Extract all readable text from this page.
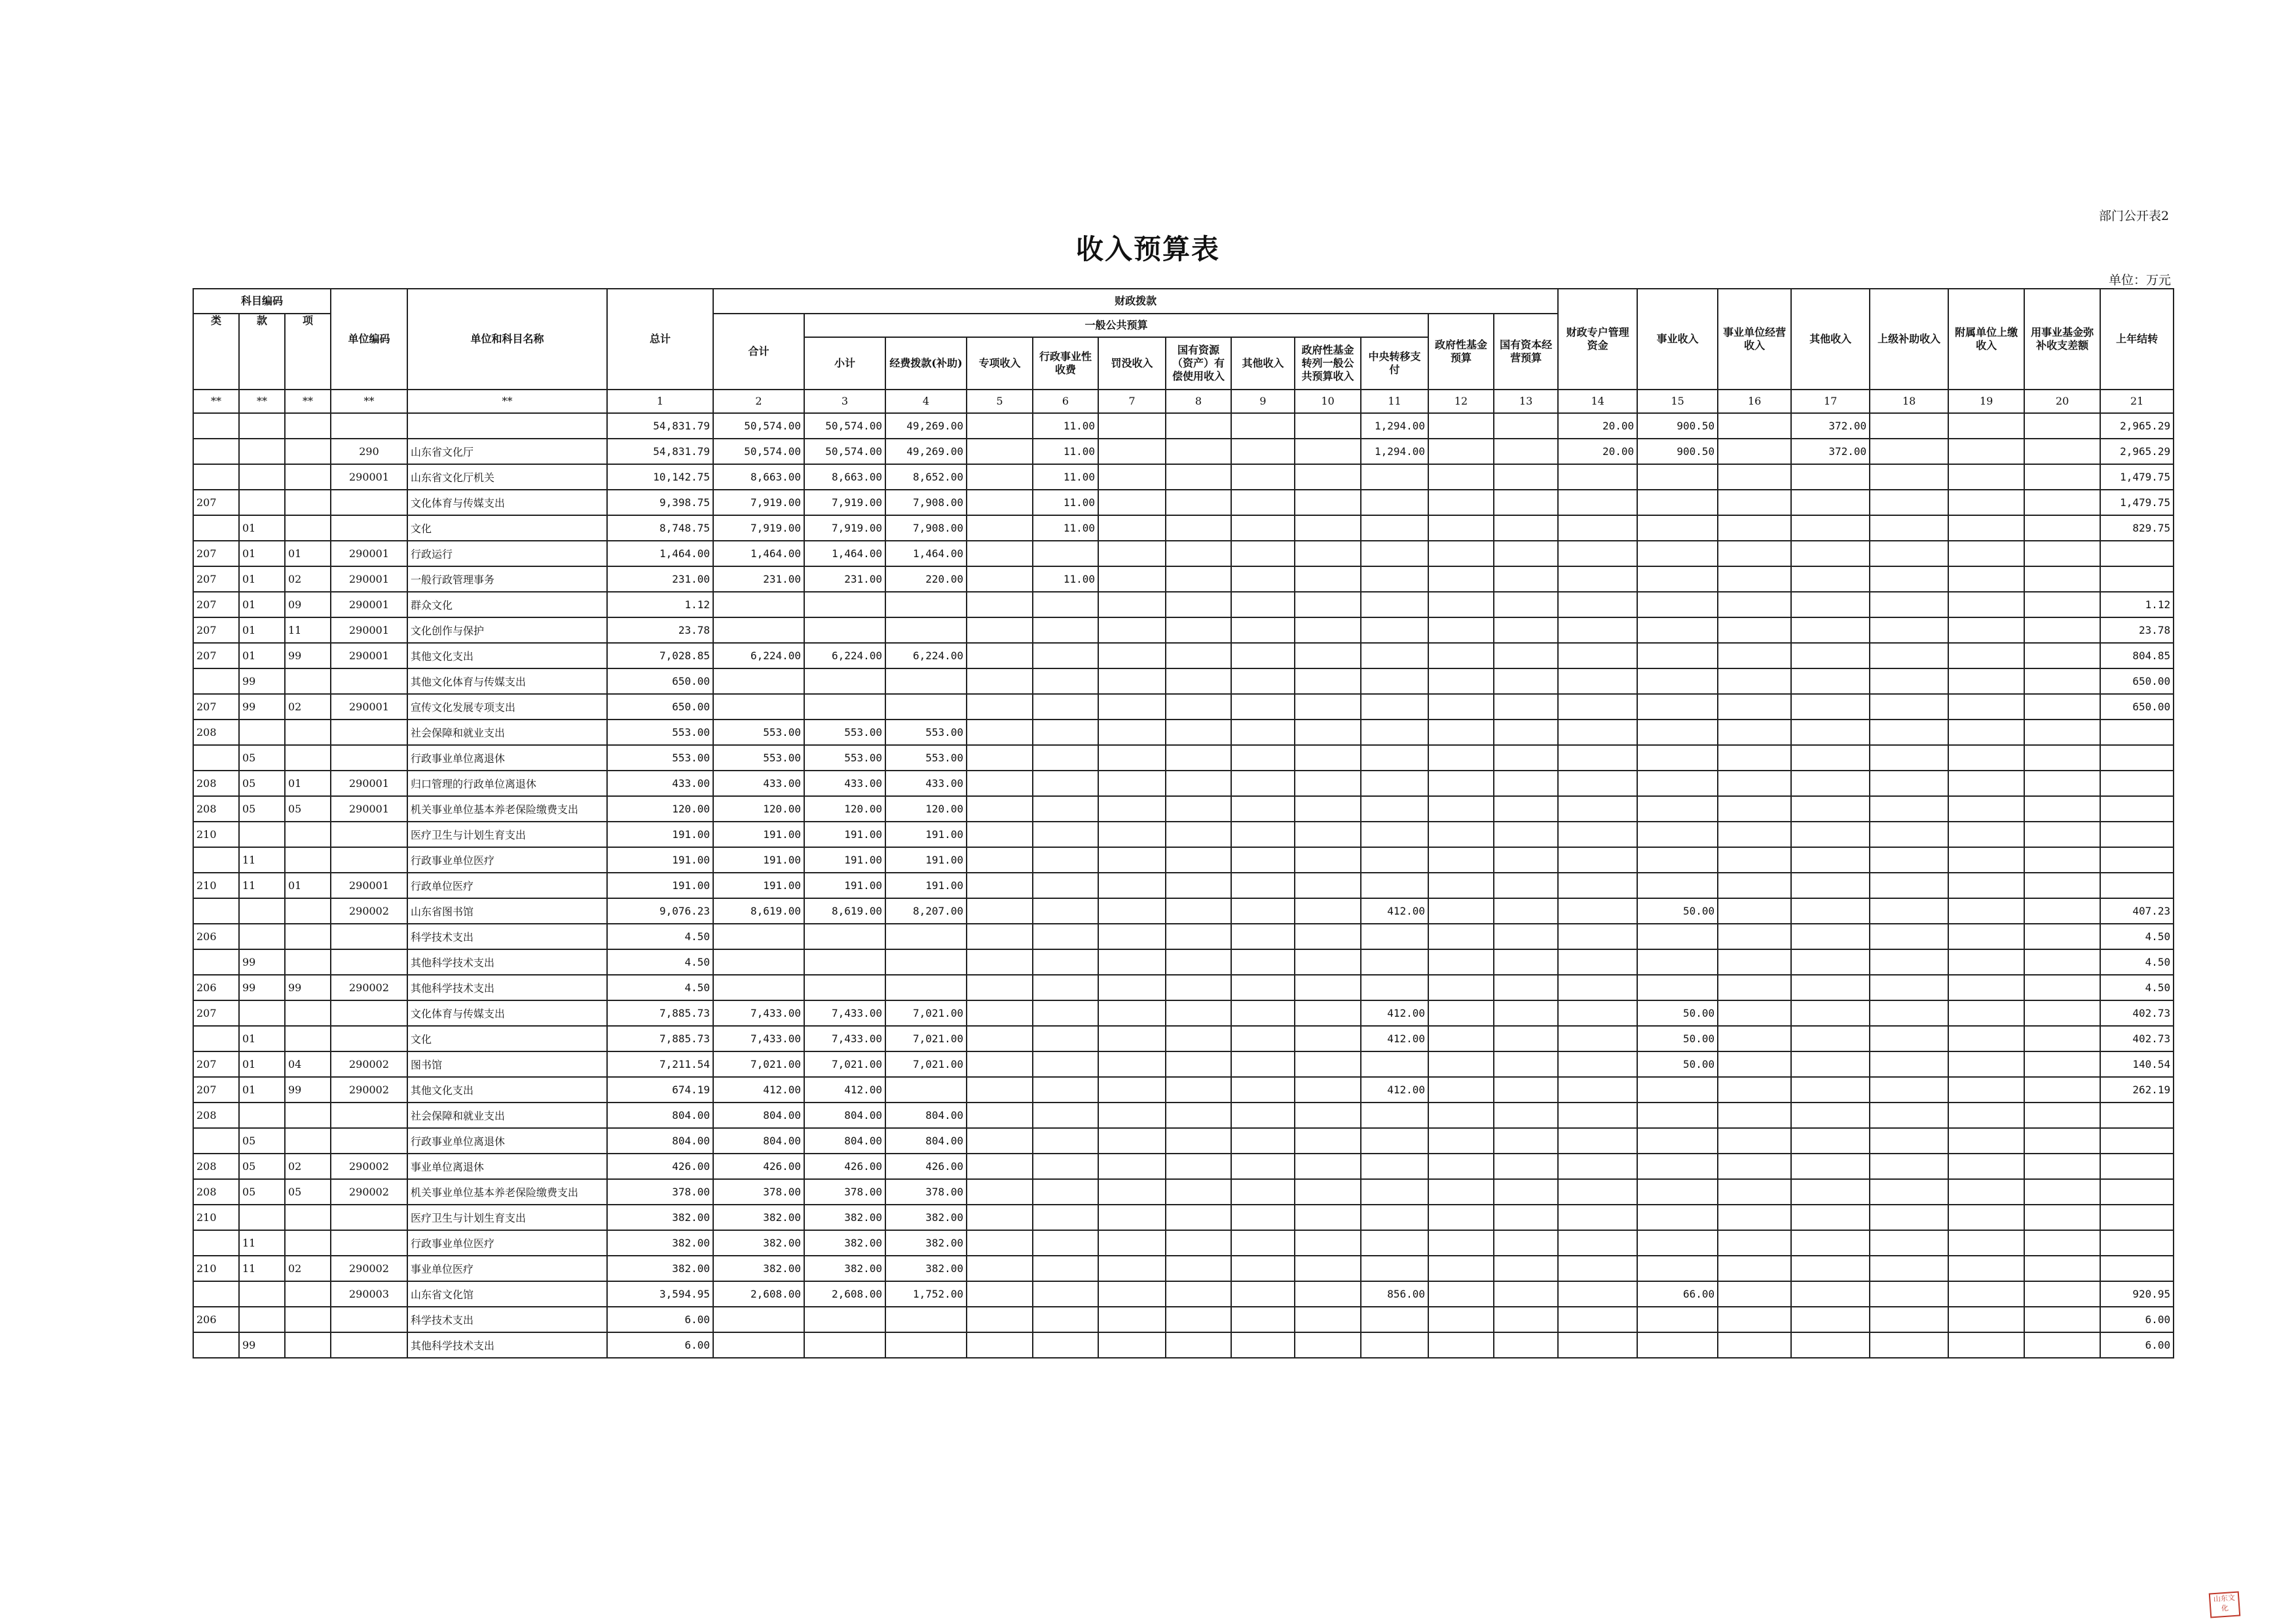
部门公开表2
收入预算表
单位：万元
科目编码			单位编码	单位和科目名称	总计	财政拨款												财政专户管理资金	事业收入	事业单位经营收入	其他收入	上级补助收入	附属单位上缴收入	用事业基金弥补收支差额	上年结转
类	款	项				合计	一般公共预算									政府性基金预算	国有资本经营预算								
							小计	经费拨款(补助)	专项收入	行政事业性收费	罚没收入	国有资源（资产）有偿使用收入	其他收入	政府性基金转列一般公共预算收入	中央转移支付										
**	**	**	**	**	1	2	3	4	5	6	7	8	9	10	11	12	13	14	15	16	17	18	19	20	21
					54,831.79	50,574.00	50,574.00	49,269.00		11.00					1,294.00			20.00	900.50		372.00				2,965.29
			290	山东省文化厅	54,831.79	50,574.00	50,574.00	49,269.00		11.00					1,294.00			20.00	900.50		372.00				2,965.29
			290001	山东省文化厅机关	10,142.75	8,663.00	8,663.00	8,652.00		11.00															1,479.75
207				文化体育与传媒支出	9,398.75	7,919.00	7,919.00	7,908.00		11.00															1,479.75
	01			文化	8,748.75	7,919.00	7,919.00	7,908.00		11.00															829.75
207	01	01	290001	行政运行	1,464.00	1,464.00	1,464.00	1,464.00																	
207	01	02	290001	一般行政管理事务	231.00	231.00	231.00	220.00		11.00															
207	01	09	290001	群众文化	1.12																				1.12
207	01	11	290001	文化创作与保护	23.78																				23.78
207	01	99	290001	其他文化支出	7,028.85	6,224.00	6,224.00	6,224.00																	804.85
	99			其他文化体育与传媒支出	650.00																				650.00
207	99	02	290001	宣传文化发展专项支出	650.00																				650.00
208				社会保障和就业支出	553.00	553.00	553.00	553.00																	
	05			行政事业单位离退休	553.00	553.00	553.00	553.00																	
208	05	01	290001	归口管理的行政单位离退休	433.00	433.00	433.00	433.00																	
208	05	05	290001	机关事业单位基本养老保险缴费支出	120.00	120.00	120.00	120.00																	
210				医疗卫生与计划生育支出	191.00	191.00	191.00	191.00																	
	11			行政事业单位医疗	191.00	191.00	191.00	191.00																	
210	11	01	290001	行政单位医疗	191.00	191.00	191.00	191.00																	
			290002	山东省图书馆	9,076.23	8,619.00	8,619.00	8,207.00							412.00				50.00						407.23
206				科学技术支出	4.50																				4.50
	99			其他科学技术支出	4.50																				4.50
206	99	99	290002	其他科学技术支出	4.50																				4.50
207				文化体育与传媒支出	7,885.73	7,433.00	7,433.00	7,021.00							412.00				50.00						402.73
	01			文化	7,885.73	7,433.00	7,433.00	7,021.00							412.00				50.00						402.73
207	01	04	290002	图书馆	7,211.54	7,021.00	7,021.00	7,021.00											50.00						140.54
207	01	99	290002	其他文化支出	674.19	412.00	412.00								412.00										262.19
208				社会保障和就业支出	804.00	804.00	804.00	804.00																	
	05			行政事业单位离退休	804.00	804.00	804.00	804.00																	
208	05	02	290002	事业单位离退休	426.00	426.00	426.00	426.00																	
208	05	05	290002	机关事业单位基本养老保险缴费支出	378.00	378.00	378.00	378.00																	
210				医疗卫生与计划生育支出	382.00	382.00	382.00	382.00																	
	11			行政事业单位医疗	382.00	382.00	382.00	382.00																	
210	11	02	290002	事业单位医疗	382.00	382.00	382.00	382.00																	
			290003	山东省文化馆	3,594.95	2,608.00	2,608.00	1,752.00							856.00				66.00						920.95
206				科学技术支出	6.00																				6.00
	99			其他科学技术支出	6.00																				6.00
山东文化
